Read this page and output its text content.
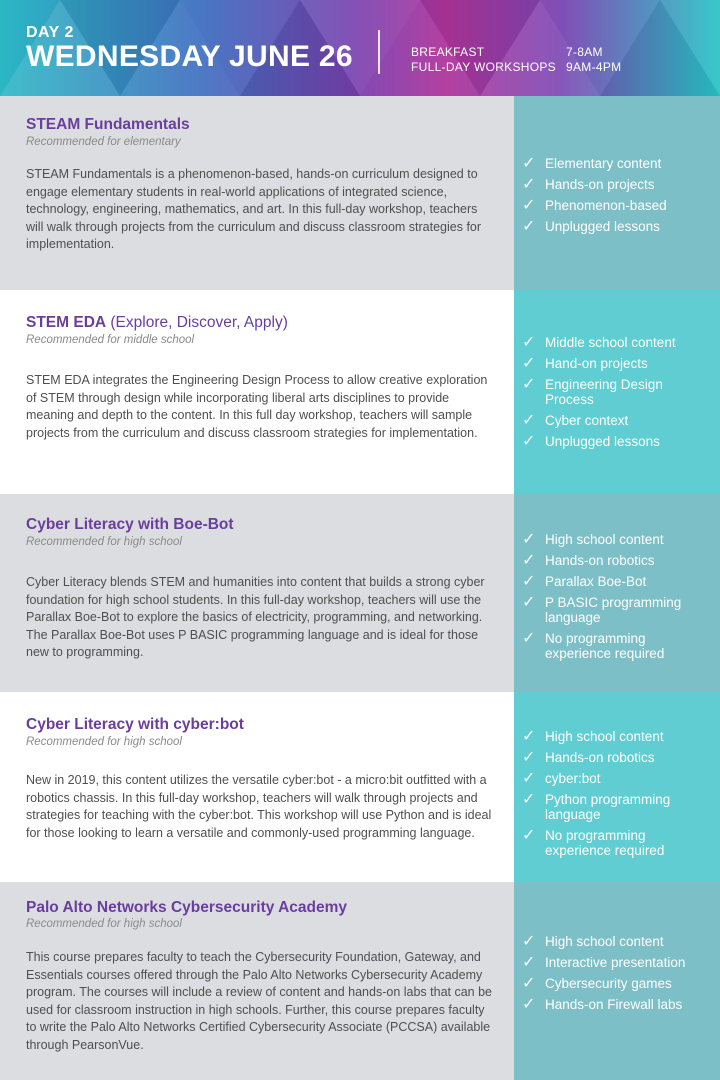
DAY 2
WEDNESDAY JUNE 26	BREAKFAST
FULL-DAY WORKSHOPS
7-8AM
9AM-4PM
STEAM Fundamentals
Recommended for elementary
STEAM Fundamentals is a phenomenon-based, hands-on curriculum designed to engage elementary students in real-world applications of integrated science, technology, engineering, mathematics, and art. In this full-day workshop, teachers will walk through projects from the curriculum and discuss classroom strategies for implementation.
✓ Elementary content
✓ Hands-on projects
✓ Phenomenon-based
✓ Unplugged lessons
STEM EDA (Explore, Discover, Apply)
Recommended for middle school
STEM EDA integrates the Engineering Design Process to allow creative exploration of STEM through design while incorporating liberal arts disciplines to provide meaning and depth to the content. In this full day workshop, teachers will sample projects from the curriculum and discuss classroom strategies for implementation.
✓ Middle school content
✓ Hand-on projects
✓ Engineering Design Process
✓ Cyber context
✓ Unplugged lessons
Cyber Literacy with Boe-Bot
Recommended for high school
Cyber Literacy blends STEM and humanities into content that builds a strong cyber foundation for high school students. In this full-day workshop, teachers will use the Parallax Boe-Bot to explore the basics of electricity, programming, and networking. The Parallax Boe-Bot uses P BASIC programming language and is ideal for those new to programming.
✓ High school content
✓ Hands-on robotics
✓ Parallax Boe-Bot
✓ P BASIC programming language
✓ No programming experience required
Cyber Literacy with cyber:bot
Recommended for high school
New in 2019, this content utilizes the versatile cyber:bot - a micro:bit outfitted with a robotics chassis. In this full-day workshop, teachers will walk through projects and strategies for teaching with the cyber:bot. This workshop will use Python and is ideal for those looking to learn a versatile and commonly-used programming language.
✓ High school content
✓ Hands-on robotics
✓ cyber:bot
✓ Python programming language
✓ No programming experience required
Palo Alto Networks Cybersecurity Academy
Recommended for high school
This course prepares faculty to teach the Cybersecurity Foundation, Gateway, and Essentials courses offered through the Palo Alto Networks Cybersecurity Academy program. The courses will include a review of content and hands-on labs that can be used for classroom instruction in high schools. Further, this course prepares faculty to write the Palo Alto Networks Certified Cybersecurity Associate (PCCSA) available through PearsonVue.
✓ High school content
✓ Interactive presentation
✓ Cybersecurity games
✓ Hands-on Firewall labs
